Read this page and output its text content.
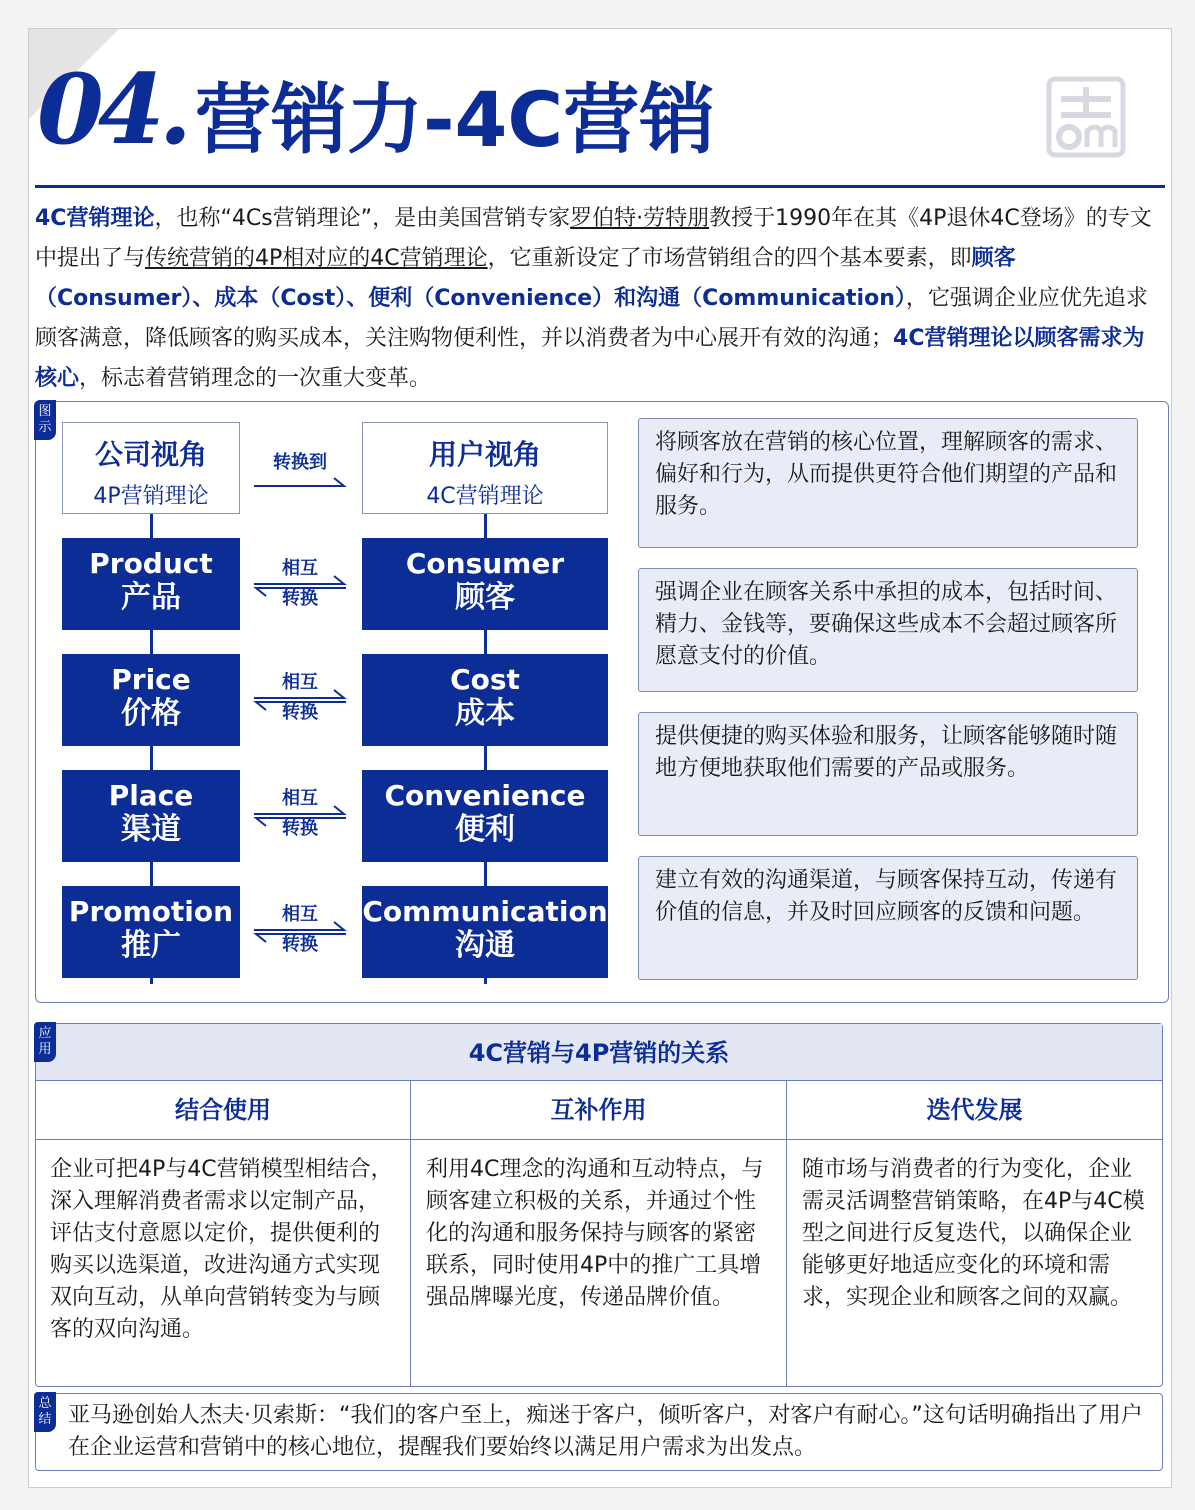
04. 营销力-4C营销
4C营销理论，也称“4Cs营销理论”，是由美国营销专家罗伯特·劳特朋教授于1990年在其《4P退休4C登场》的专文中提出了与传统营销的4P相对应的4C营销理论，它重新设定了市场营销组合的四个基本要素，即顾客（Consumer）、成本（Cost）、便利（Convenience）和沟通（Communication），它强调企业应优先追求顾客满意，降低顾客的购买成本，关注购物便利性，并以消费者为中心展开有效的沟通；4C营销理论以顾客需求为核心，标志着营销理念的一次重大变革。
图示
公司视角
4P营销理论
用户视角
4C营销理论
转换到
Product
产品
相互
转换
Consumer
顾客
Price
价格
相互
转换
Cost
成本
Place
渠道
相互
转换
Convenience
便利
Promotion
推广
相互
转换
Communication
沟通
将顾客放在营销的核心位置，理解顾客的需求、偏好和行为，从而提供更符合他们期望的产品和服务。
强调企业在顾客关系中承担的成本，包括时间、精力、金钱等，要确保这些成本不会超过顾客所愿意支付的价值。
提供便捷的购买体验和服务，让顾客能够随时随地方便地获取他们需要的产品或服务。
建立有效的沟通渠道，与顾客保持互动，传递有价值的信息，并及时回应顾客的反馈和问题。
4C营销与4P营销的关系
应用
结合使用	互补作用	迭代发展
企业可把4P与4C营销模型相结合，深入理解消费者需求以定制产品，评估支付意愿以定价，提供便利的购买以选渠道，改进沟通方式实现双向互动，从单向营销转变为与顾客的双向沟通。
利用4C理念的沟通和互动特点，与顾客建立积极的关系，并通过个性化的沟通和服务保持与顾客的紧密联系，同时使用4P中的推广工具增强品牌曝光度，传递品牌价值。
随市场与消费者的行为变化，企业需灵活调整营销策略，在4P与4C模型之间进行反复迭代，以确保企业能够更好地适应变化的环境和需求，实现企业和顾客之间的双赢。
总结 亚马逊创始人杰夫·贝索斯：“我们的客户至上，痴迷于客户，倾听客户，对客户有耐心。”这句话明确指出了用户在企业运营和营销中的核心地位，提醒我们要始终以满足用户需求为出发点。
